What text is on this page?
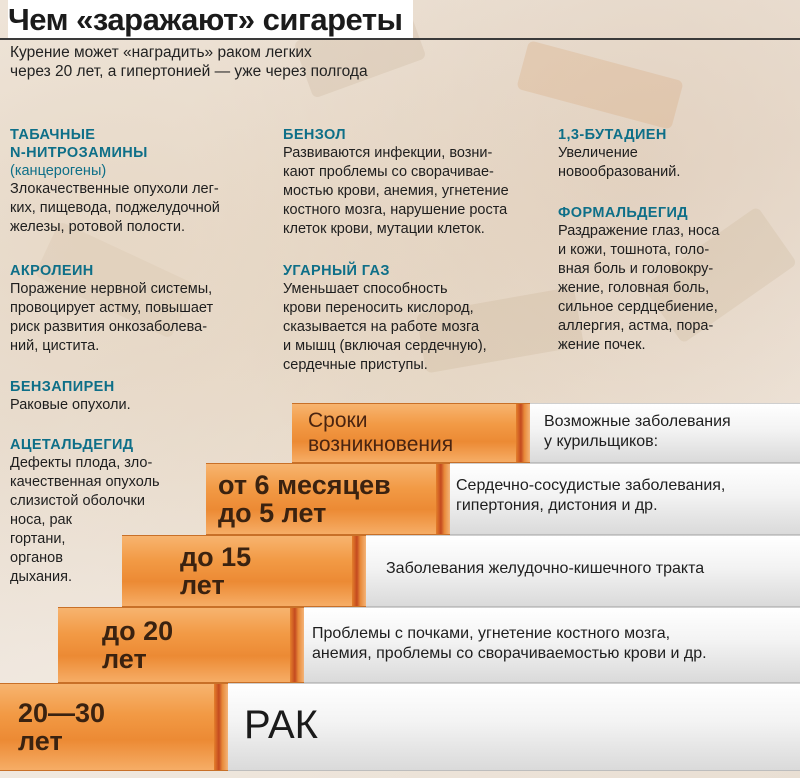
Чем «заражают» сигареты
Курение может «наградить» раком легких
через 20 лет, а гипертонией — уже через полгода
ТАБАЧНЫЕ
N-НИТРОЗАМИНЫ
(канцерогены)
Злокачественные опухоли лег-
ких, пищевода, поджелудочной
железы, ротовой полости.
АКРОЛЕИН
Поражение нервной системы,
провоцирует астму, повышает
риск развития онкозаболева-
ний, цистита.
БЕНЗАПИРЕН
Раковые опухоли.
АЦЕТАЛЬДЕГИД
Дефекты плода, зло-
качественная опухоль
слизистой оболочки
носа, рак
гортани,
органов
дыхания.
БЕНЗОЛ
Развиваются инфекции, возни-
кают проблемы со сворачивае-
мостью крови, анемия, угнетение
костного мозга, нарушение роста
клеток крови, мутации клеток.
УГАРНЫЙ ГАЗ
Уменьшает способность
крови переносить кислород,
сказывается на работе мозга
и мышц (включая сердечную),
сердечные приступы.
1,3-БУТАДИЕН
Увеличение
новообразований.
ФОРМАЛЬДЕГИД
Раздражение глаз, носа
и кожи, тошнота, голо-
вная боль и головокру-
жение, головная боль,
сильное сердцебиение,
аллергия, астма, пора-
жение почек.
Сроки
возникновения
Возможные заболевания
у курильщиков:
от 6 месяцев
до 5 лет
Сердечно-сосудистые заболевания,
гипертония, дистония и др.
до 15
лет
Заболевания желудочно-кишечного тракта
до 20
лет
Проблемы с почками, угнетение костного мозга,
анемия, проблемы со сворачиваемостью крови и др.
20—30
лет	РАК
